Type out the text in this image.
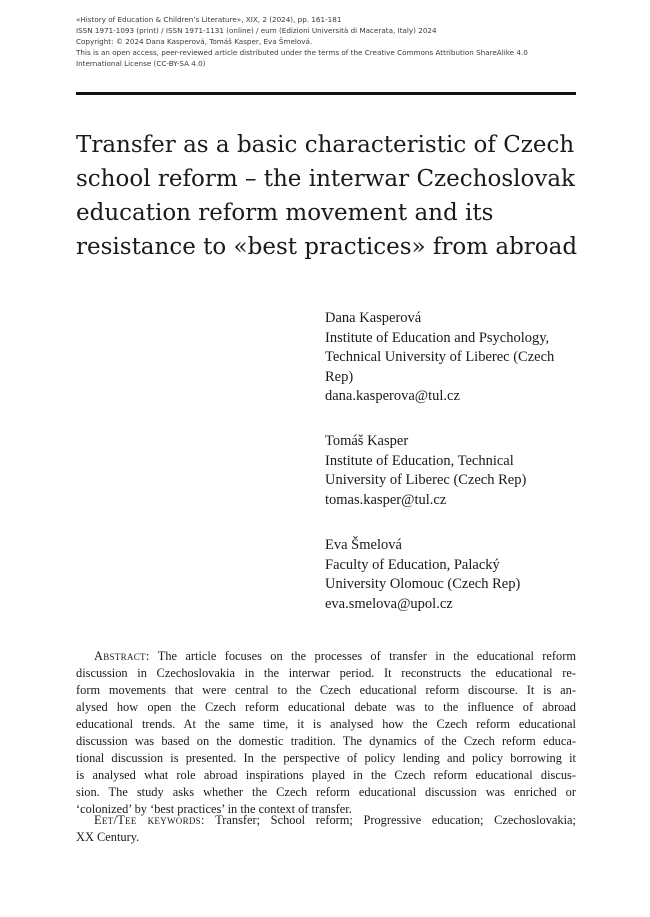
«History of Education & Children’s Literature», XIX, 2 (2024), pp. 161-181
ISSN 1971-1093 (print) / ISSN 1971-1131 (online) / eum (Edizioni Università di Macerata, Italy) 2024
Copyright: © 2024 Dana Kasperová, Tomáš Kasper, Eva Šmelová.
This is an open access, peer-reviewed article distributed under the terms of the Creative Commons Attribution ShareAlike 4.0
International License (CC-BY-SA 4.0)
Transfer as a basic characteristic of Czech
school reform – the interwar Czechoslovak
education reform movement and its
resistance to «best practices» from abroad
Dana Kasperová
Institute of Education and Psychology,
Technical University of Liberec (Czech
Rep)
dana.kasperova@tul.cz
Tomáš Kasper
Institute of Education, Technical
University of Liberec (Czech Rep)
tomas.kasper@tul.cz
Eva Šmelová
Faculty of Education, Palacký
University Olomouc (Czech Rep)
eva.smelova@upol.cz
Abstract: The article focuses on the processes of transfer in the educational reform
discussion in Czechoslovakia in the interwar period. It reconstructs the educational re-
form movements that were central to the Czech educational reform discourse. It is an-
alysed how open the Czech reform educational debate was to the influence of abroad
educational trends. At the same time, it is analysed how the Czech reform educational
discussion was based on the domestic tradition. The dynamics of the Czech reform educa-
tional discussion is presented. In the perspective of policy lending and policy borrowing it
is analysed what role abroad inspirations played in the Czech reform educational discus-
sion. The study asks whether the Czech reform educational discussion was enriched or
‘colonized’ by ‘best practices’ in the context of transfer.
Eet/Tee keywords: Transfer; School reform; Progressive education; Czechoslovakia;
XX Century.
